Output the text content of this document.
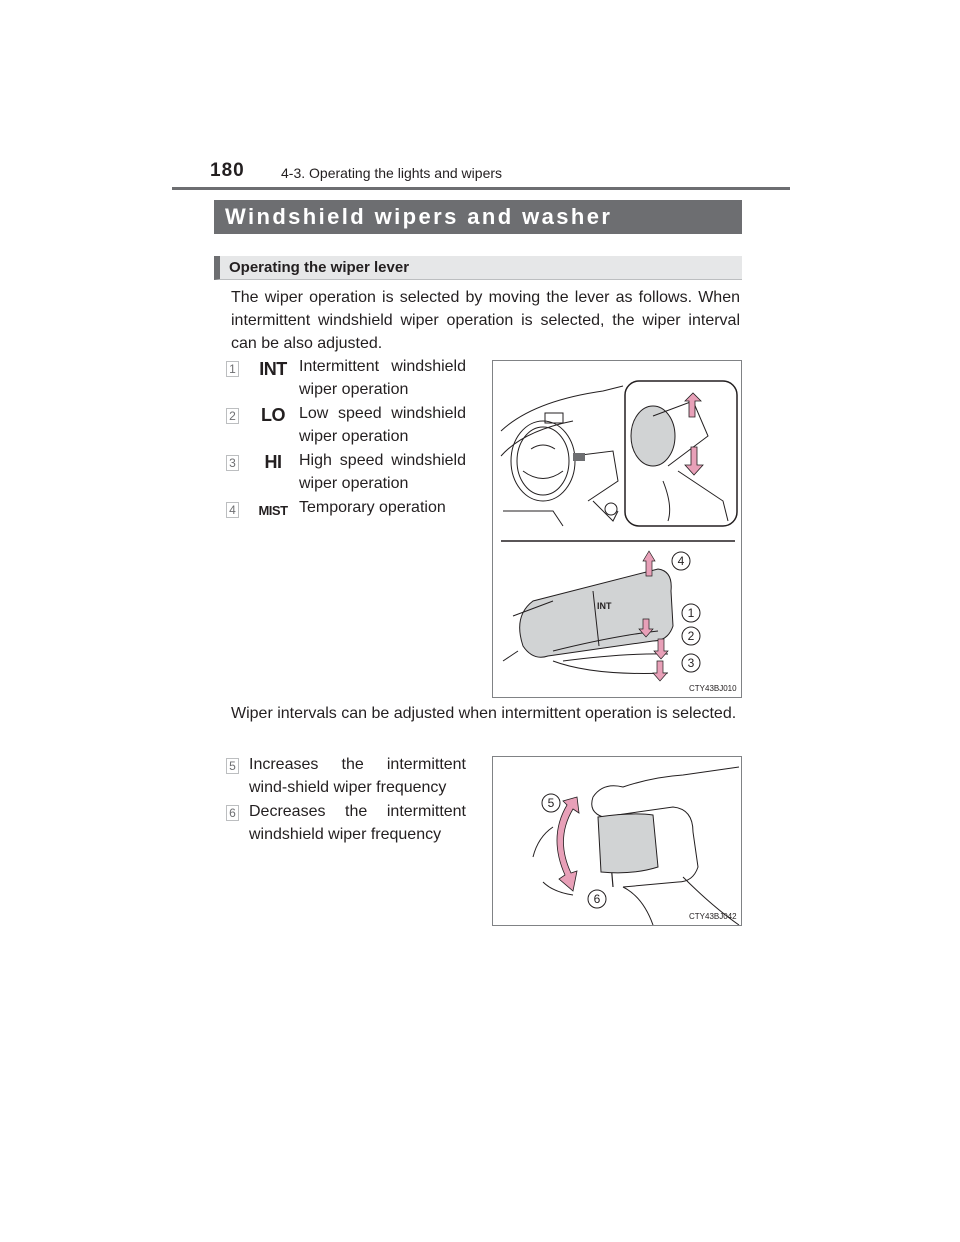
180	4-3. Operating the lights and wipers
Windshield wipers and washer
Operating the wiper lever
The wiper operation is selected by moving the lever as follows. When intermittent windshield wiper operation is selected, the wiper interval can be also adjusted.
1	INT Intermittent windshield wiper operation
2	LO Low speed windshield wiper operation
3	HI	High speed windshield wiper operation
4	MIST Temporary operation
INT
4
1
2
3
CTY43BJ010
Wiper intervals can be adjusted when intermittent operation is selected.
5 Increases the intermittent wind-shield wiper frequency
6 Decreases the intermittent windshield wiper frequency
5
6
CTY43BJ042
